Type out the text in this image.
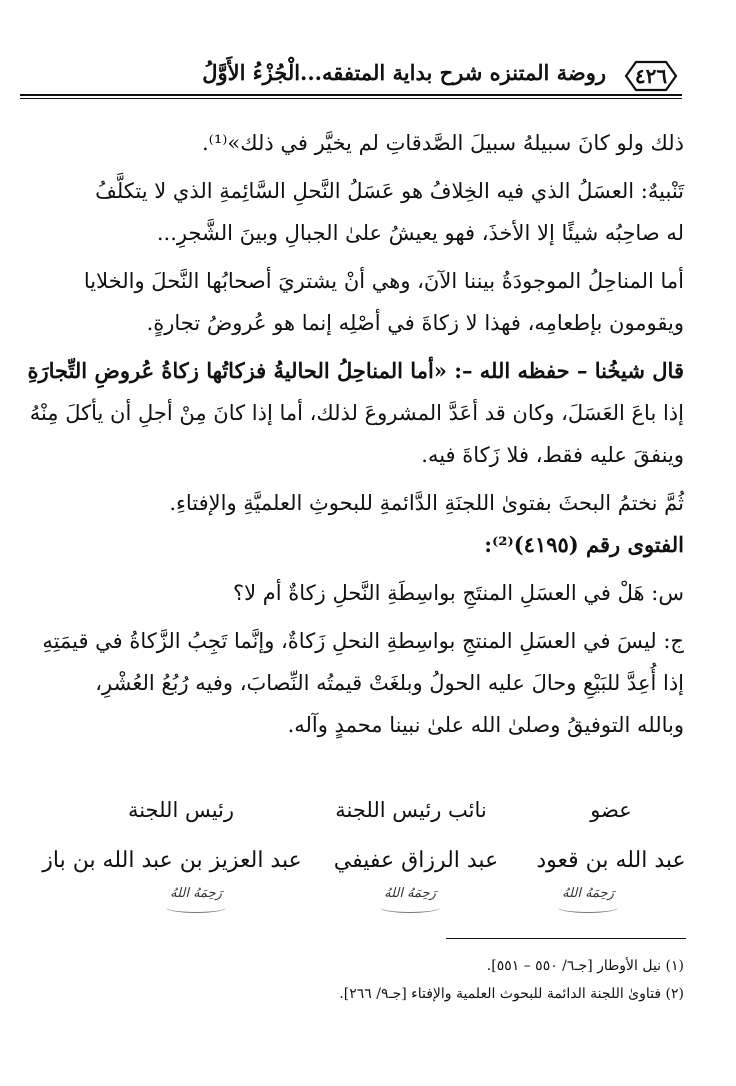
٤٢٦
روضة المتنزه شرح بداية المتفقه...الْجُزْءُ الأَوَّلُ
ذلك ولو كانَ سبيلهُ سبيلَ الصَّدقاتِ لم يخيَّر في ذلك»⁽¹⁾.
تَنْبيهٌ: العسَلُ الذي فيه الخِلافُ هو عَسَلُ النَّحلِ السَّائِمةِ الذي لا يتكلَّفُ
له صاحِبُه شيئًا إلا الأخذَ، فهو يعيشُ علىٰ الجبالِ وبينَ الشَّجرِ...
أما المناحِلُ الموجودَةُ بيننا الآنَ، وهي أنْ يشتريَ أصحابُها النَّحلَ والخلايا
ويقومون بإطعامِه، فهذا لا زكاةَ في أصْلِه إنما هو عُروضُ تجارةٍ.
قال شيخُنا – حفظه الله –: «أما المناحِلُ الحاليةُ فزكاتُها زكاةُ عُروضِ التِّجارَةِ
إذا باعَ العَسَلَ، وكان قد أعَدَّ المشروعَ لذلك، أما إذا كانَ مِنْ أجلِ أن يأكلَ مِنْهُ
وينفقَ عليه فقط، فلا زَكاةَ فيه.
ثُمَّ نختمُ البحثَ بفتوىٰ اللجنَةِ الدَّائمةِ للبحوثِ العلميَّةِ والإفتاءِ.
الفتوى رقم (٤١٩٥)⁽²⁾:
س: هَلْ في العسَلِ المنتَجِ بواسِطَةِ النَّحلِ زكاةٌ أم لا؟
ج: ليسَ في العسَلِ المنتجِ بواسِطةِ النحلِ زَكاةٌ، وإنَّما تَجِبُ الزَّكاةُ في قيمَتِهِ
إذا أُعِدَّ للبَيْعِ وحالَ عليه الحولُ وبلغَتْ قيمتُه النِّصابَ، وفيه رُبُعُ العُشْرِ،
وبالله التوفيقُ وصلىٰ الله علىٰ نبينا محمدٍ وآله.
عضو
نائب رئيس اللجنة
رئيس اللجنة
عبد الله بن قعود
عبد الرزاق عفيفي
عبد العزيز بن عبد الله بن باز
رَحِمَهُ اللهُ
رَحِمَهُ اللهُ
رَحِمَهُ اللهُ
(١) نيل الأوطار [جـ٦/ ٥٥٠ – ٥٥١].
(٢) فتاوىٰ اللجنة الدائمة للبحوث العلمية والإفتاء [جـ٩/ ٢٦٦].
